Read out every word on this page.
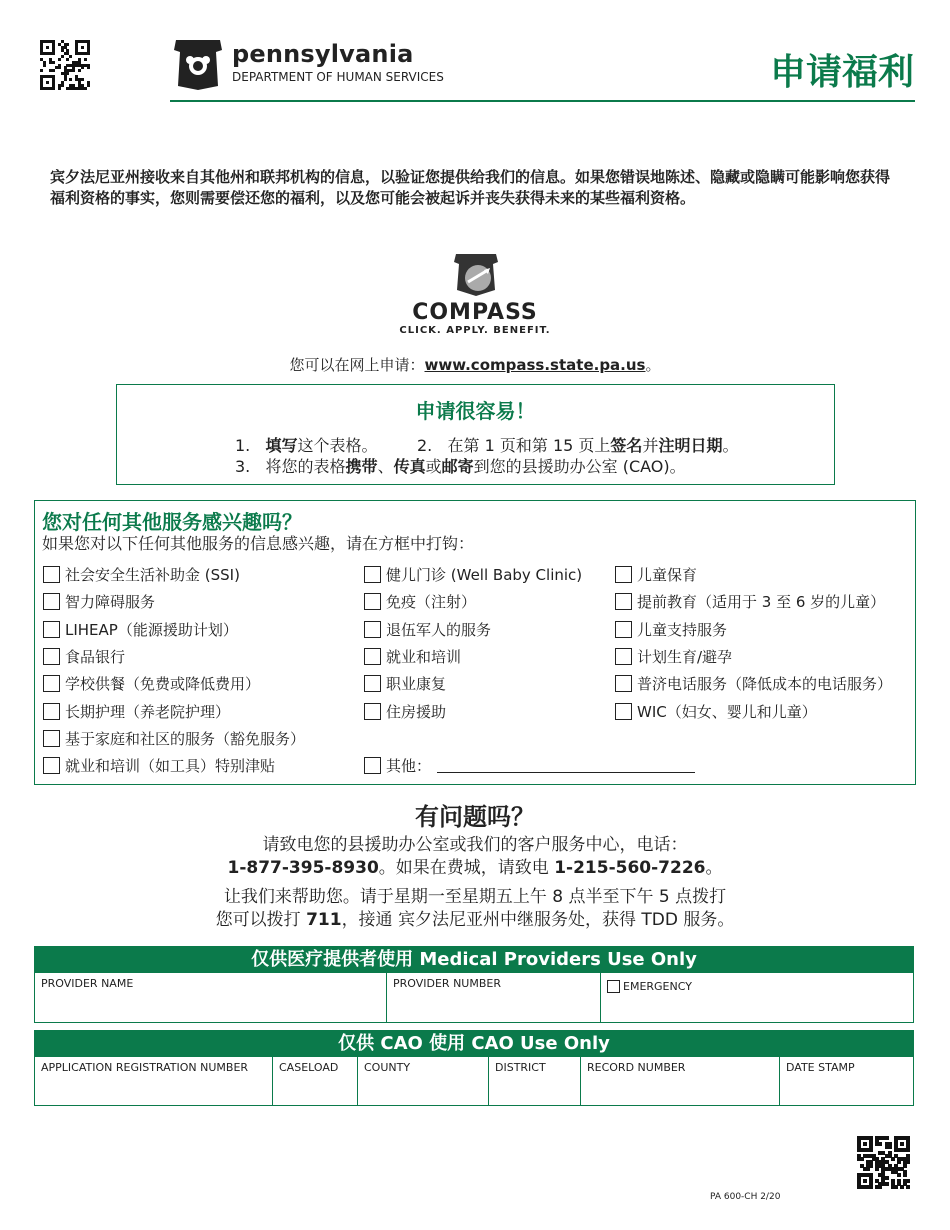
pennsylvania
DEPARTMENT OF HUMAN SERVICES	申请福利
宾夕法尼亚州接收来自其他州和联邦机构的信息，以验证您提供给我们的信息。如果您错误地陈述、隐藏或隐瞒可能影响您获得福利资格的事实，您则需要偿还您的福利，以及您可能会被起诉并丧失获得未来的某些福利资格。
COMPASS
CLICK. APPLY. BENEFIT.
您可以在网上申请：www.compass.state.pa.us。
申请很容易！
1. 填写这个表格。 2. 在第 1 页和第 15 页上签名并注明日期。
3. 将您的表格携带、传真或邮寄到您的县援助办公室 (CAO)。
您对任何其他服务感兴趣吗？
如果您对以下任何其他服务的信息感兴趣，请在方框中打钩：
社会安全生活补助金 (SSI)
智力障碍服务
LIHEAP（能源援助计划）
食品银行
学校供餐（免费或降低费用）
长期护理（养老院护理）
基于家庭和社区的服务（豁免服务）
就业和培训（如工具）特别津贴
健儿门诊 (Well Baby Clinic)
免疫（注射）
退伍军人的服务
就业和培训
职业康复
住房援助
其他：
儿童保育
提前教育（适用于 3 至 6 岁的儿童）
儿童支持服务
计划生育/避孕
普济电话服务（降低成本的电话服务）
WIC（妇女、婴儿和儿童）
有问题吗？
请致电您的县援助办公室或我们的客户服务中心，电话：
1-877-395-8930。如果在费城，请致电 1-215-560-7226。
让我们来帮助您。请于星期一至星期五上午 8 点半至下午 5 点拨打
您可以拨打 711，接通 宾夕法尼亚州中继服务处，获得 TDD 服务。
仅供医疗提供者使用 Medical Providers Use Only
PROVIDER NAME	PROVIDER NUMBER	EMERGENCY
仅供 CAO 使用 CAO Use Only
APPLICATION REGISTRATION NUMBER	CASELOAD	COUNTY	DISTRICT	RECORD NUMBER	DATE STAMP
PA 600-CH 2/20
